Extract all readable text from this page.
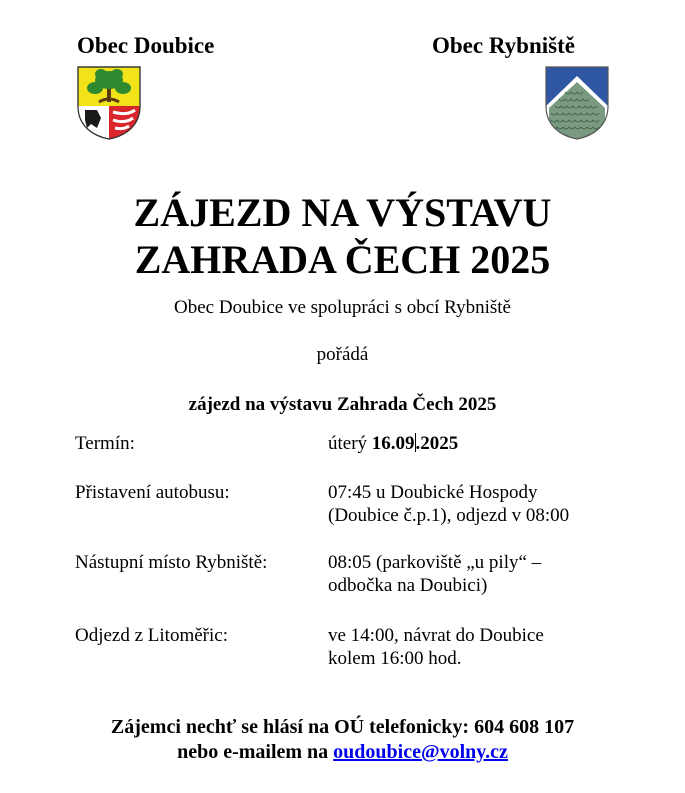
Obec Doubice	Obec Rybniště
ZÁJEZD NA VÝSTAVU
ZAHRADA ČECH 2025
Obec Doubice ve spolupráci s obcí Rybniště
pořádá
zájezd na výstavu Zahrada Čech 2025
Termín:	úterý 16.09.2025
Přistavení autobusu:	07:45 u Doubické Hospody
(Doubice č.p.1), odjezd v 08:00
Nástupní místo Rybniště:	08:05 (parkoviště „u pily“ –
odbočka na Doubici)
Odjezd z Litoměřic:	ve 14:00, návrat do Doubice
kolem 16:00 hod.
Zájemci nechť se hlásí na OÚ telefonicky: 604 608 107
nebo e-mailem na oudoubice@volny.cz
